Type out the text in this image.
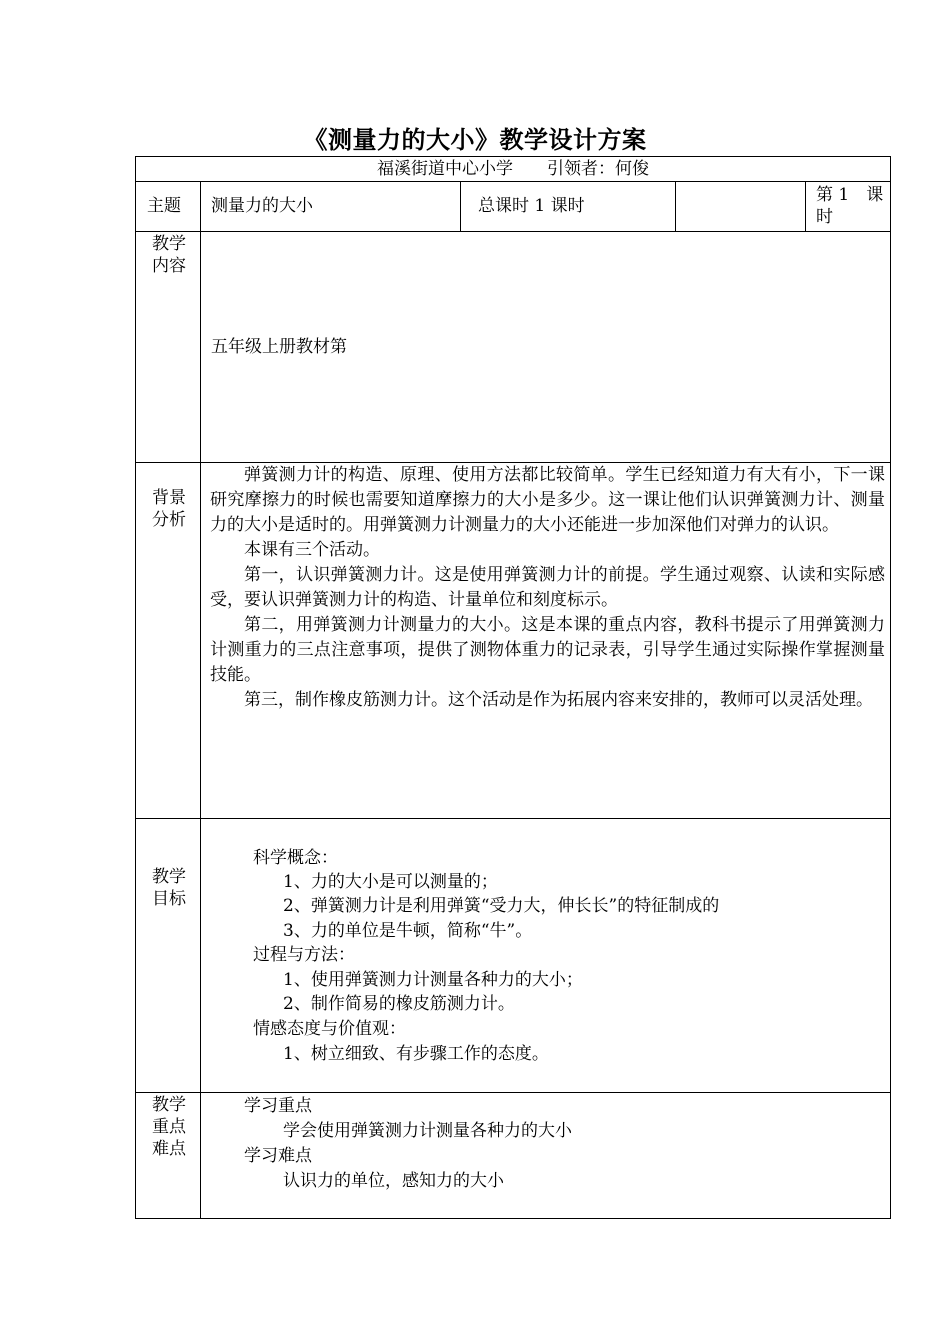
《测量力的大小》教学设计方案
福溪街道中心小学　　引领者：何俊
主题 测量力的大小	总课时 1 课时
第 1　课
时
教学
内容
五年级上册教材第
背景
分析
弹簧测力计的构造、原理、使用方法都比较简单。学生已经知道力有大有小，下一课研究摩擦力的时候也需要知道摩擦力的大小是多少。这一课让他们认识弹簧测力计、测量力的大小是适时的。用弹簧测力计测量力的大小还能进一步加深他们对弹力的认识。
本课有三个活动。
第一，认识弹簧测力计。这是使用弹簧测力计的前提。学生通过观察、认读和实际感受，要认识弹簧测力计的构造、计量单位和刻度标示。
第二，用弹簧测力计测量力的大小。这是本课的重点内容，教科书提示了用弹簧测力计测重力的三点注意事项，提供了测物体重力的记录表，引导学生通过实际操作掌握测量技能。
第三，制作橡皮筋测力计。这个活动是作为拓展内容来安排的，教师可以灵活处理。
教学
目标
科学概念：
1、力的大小是可以测量的；
2、弹簧测力计是利用弹簧“受力大，伸长长”的特征制成的
3、力的单位是牛顿，简称“牛”。
过程与方法：
1、使用弹簧测力计测量各种力的大小；
2、制作简易的橡皮筋测力计。
情感态度与价值观：
1、树立细致、有步骤工作的态度。
教学
重点
难点
学习重点
学会使用弹簧测力计测量各种力的大小
学习难点
认识力的单位，感知力的大小
